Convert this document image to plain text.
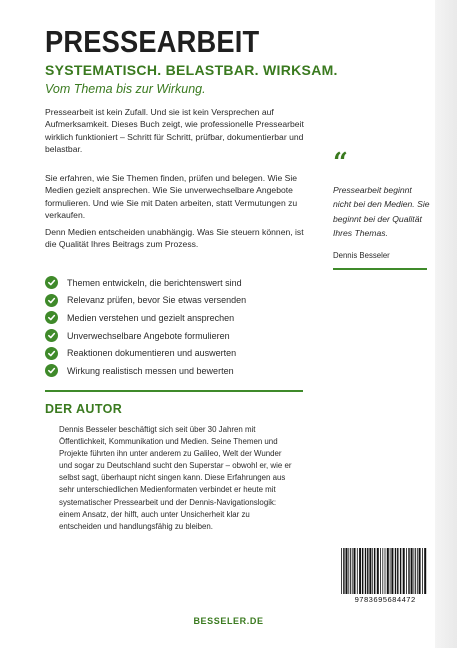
PRESSEARBEIT
SYSTEMATISCH. BELASTBAR. WIRKSAM.
Vom Thema bis zur Wirkung.

Pressearbeit ist kein Zufall. Und sie ist kein Versprechen auf Aufmerksamkeit. Dieses Buch zeigt, wie professionelle Pressearbeit wirklich funktioniert – Schritt für Schritt, prüfbar, dokumentierbar und belastbar.

Sie erfahren, wie Sie Themen finden, prüfen und belegen. Wie Sie Medien gezielt ansprechen. Wie Sie unverwechselbare Angebote formulieren. Und wie Sie mit Daten arbeiten, statt Vermutungen zu verkaufen.

Denn Medien entscheiden unabhängig. Was Sie steuern können, ist die Qualität Ihres Beitrags zum Prozess.

Themen entwickeln, die berichtenswert sind
Relevanz prüfen, bevor Sie etwas versenden
Medien verstehen und gezielt ansprechen
Unverwechselbare Angebote formulieren
Reaktionen dokumentieren und auswerten
Wirkung realistisch messen und bewerten
DER AUTOR

Dennis Besseler beschäftigt sich seit über 30 Jahren mit Öffentlichkeit, Kommunikation und Medien. Seine Themen und Projekte führten ihn unter anderem zu Galileo, Welt der Wunder und sogar zu Deutschland sucht den Superstar – obwohl er, wie er selbst sagt, überhaupt nicht singen kann. Diese Erfahrungen aus sehr unterschiedlichen Medienformaten verbindet er heute mit systematischer Pressearbeit und der Dennis-Navigationslogik: einem Ansatz, der hilft, auch unter Unsicherheit klar zu entscheiden und handlungsfähig zu bleiben.

“

Pressearbeit beginnt nicht bei den Medien. Sie beginnt bei der Qualität Ihres Themas.

Dennis Besseler
9783695684472
BESSELER.DE
